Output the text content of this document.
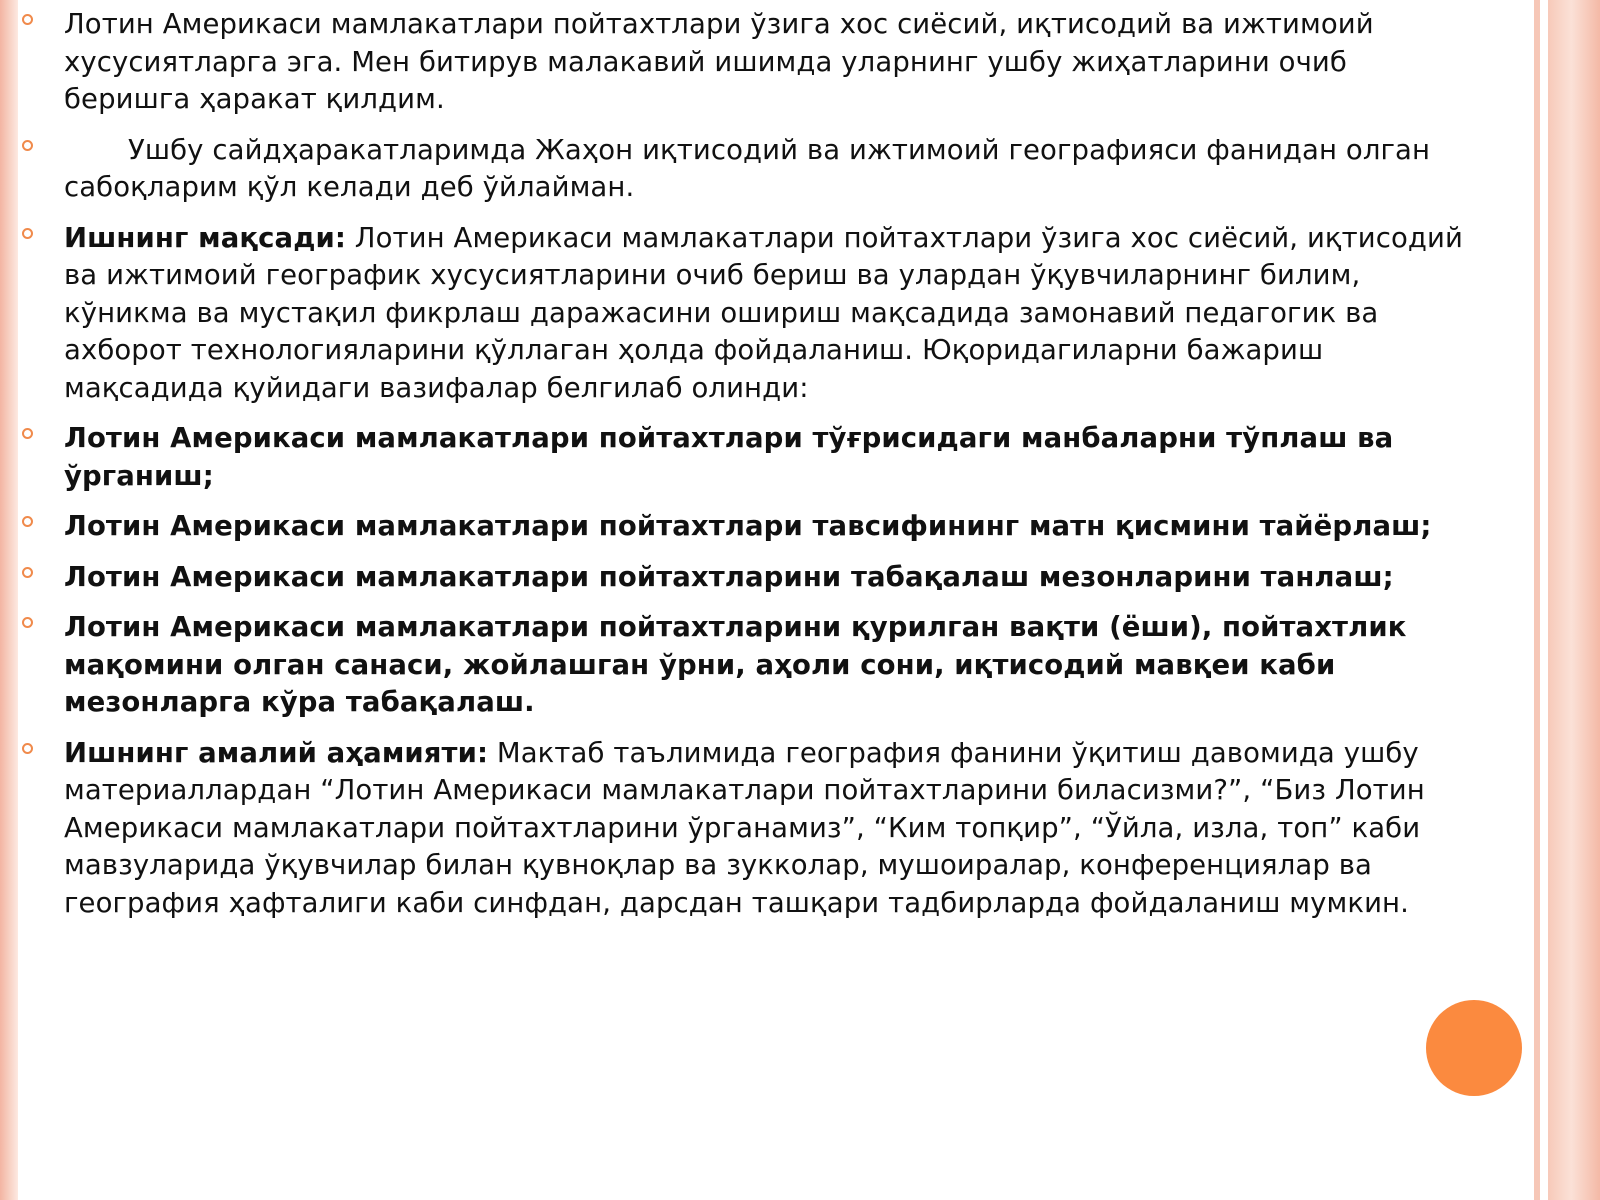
Лотин Америкаси мамлакатлари пойтахтлари ўзига хос сиёсий, иқтисодий ва ижтимоий
хусусиятларга эга. Мен битирув малакавий ишимда уларнинг ушбу жиҳатларини очиб
беришга ҳаракат қилдим.
Ушбу сайдҳаракатларимда Жаҳон иқтисодий ва ижтимоий географияси фанидан олган
сабоқларим қўл келади деб ўйлайман.
Ишнинг мақсади: Лотин Америкаси мамлакатлари пойтахтлари ўзига хос сиёсий, иқтисодий
ва ижтимоий географик хусусиятларини очиб бериш ва улардан ўқувчиларнинг билим,
кўникма ва мустақил фикрлаш даражасини ошириш мақсадида замонавий педагогик ва
ахборот технологияларини қўллаган ҳолда фойдаланиш. Юқоридагиларни бажариш
мақсадида қуйидаги вазифалар белгилаб олинди:
Лотин Америкаси мамлакатлари пойтахтлари тўғрисидаги манбаларни тўплаш ва
ўрганиш;
Лотин Америкаси мамлакатлари пойтахтлари тавсифининг матн қисмини тайёрлаш;
Лотин Америкаси мамлакатлари пойтахтларини табақалаш мезонларини танлаш;
Лотин Америкаси мамлакатлари пойтахтларини қурилган вақти (ёши), пойтахтлик
мақомини олган санаси, жойлашган ўрни, аҳоли сони, иқтисодий мавқеи каби
мезонларга кўра табақалаш.
Ишнинг амалий аҳамияти: Мактаб таълимида география фанини ўқитиш давомида ушбу
материаллардан “Лотин Америкаси мамлакатлари пойтахтларини биласизми?”, “Биз Лотин
Америкаси мамлакатлари пойтахтларини ўрганамиз”, “Ким топқир”, “Ўйла, изла, топ” каби
мавзуларида ўқувчилар билан қувноқлар ва зукколар, мушоиралар, конференциялар ва
география ҳафталиги каби синфдан, дарсдан ташқари тадбирларда фойдаланиш мумкин.
